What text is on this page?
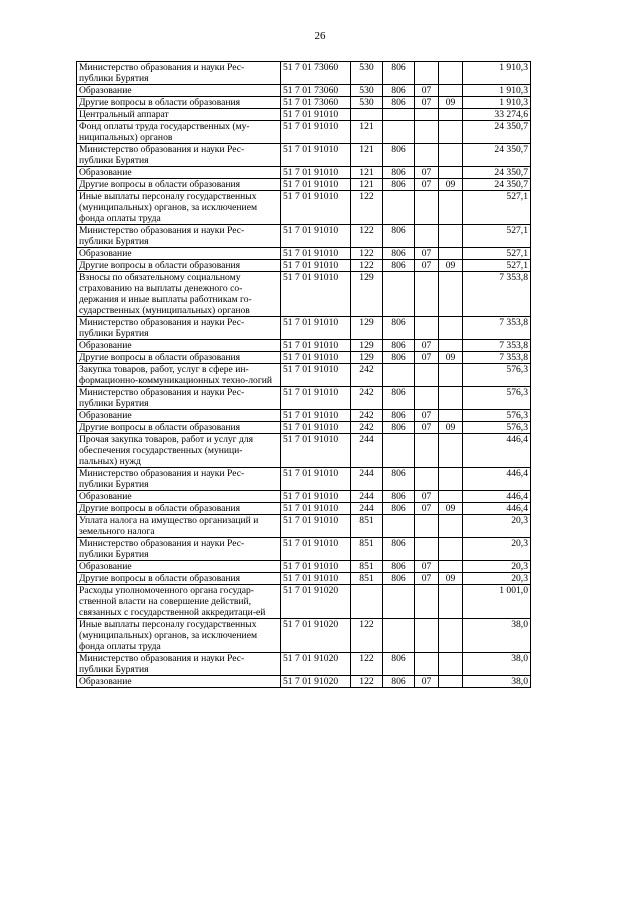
26
Министерство образования и науки Рес-публики Бурятия	51 7 01 73060	530	806			1 910,3
Образование	51 7 01 73060	530	806	07		1 910,3
Другие вопросы в области образования	51 7 01 73060	530	806	07	09	1 910,3
Центральный аппарат	51 7 01 91010					33 274,6
Фонд оплаты труда государственных (му-ниципальных) органов	51 7 01 91010	121				24 350,7
Министерство образования и науки Рес-публики Бурятия	51 7 01 91010	121	806			24 350,7
Образование	51 7 01 91010	121	806	07		24 350,7
Другие вопросы в области образования	51 7 01 91010	121	806	07	09	24 350,7
Иные выплаты персоналу государственных (муниципальных) органов, за исключением фонда оплаты труда	51 7 01 91010	122				527,1
Министерство образования и науки Рес-публики Бурятия	51 7 01 91010	122	806			527,1
Образование	51 7 01 91010	122	806	07		527,1
Другие вопросы в области образования	51 7 01 91010	122	806	07	09	527,1
Взносы по обязательному социальному страхованию на выплаты денежного со-держания и иные выплаты работникам го-сударственных (муниципальных) органов	51 7 01 91010	129				7 353,8
Министерство образования и науки Рес-публики Бурятия	51 7 01 91010	129	806			7 353,8
Образование	51 7 01 91010	129	806	07		7 353,8
Другие вопросы в области образования	51 7 01 91010	129	806	07	09	7 353,8
Закупка товаров, работ, услуг в сфере ин-формационно-коммуникационных техно-логий	51 7 01 91010	242				576,3
Министерство образования и науки Рес-публики Бурятия	51 7 01 91010	242	806			576,3
Образование	51 7 01 91010	242	806	07		576,3
Другие вопросы в области образования	51 7 01 91010	242	806	07	09	576,3
Прочая закупка товаров, работ и услуг для обеспечения государственных (муници-пальных) нужд	51 7 01 91010	244				446,4
Министерство образования и науки Рес-публики Бурятия	51 7 01 91010	244	806			446,4
Образование	51 7 01 91010	244	806	07		446,4
Другие вопросы в области образования	51 7 01 91010	244	806	07	09	446,4
Уплата налога на имущество организаций и земельного налога	51 7 01 91010	851				20,3
Министерство образования и науки Рес-публики Бурятия	51 7 01 91010	851	806			20,3
Образование	51 7 01 91010	851	806	07		20,3
Другие вопросы в области образования	51 7 01 91010	851	806	07	09	20,3
Расходы уполномоченного органа государ-ственной власти на совершение действий, связанных с государственной аккредитаци-ей	51 7 01 91020					1 001,0
Иные выплаты персоналу государственных (муниципальных) органов, за исключением фонда оплаты труда	51 7 01 91020	122				38,0
Министерство образования и науки Рес-публики Бурятия	51 7 01 91020	122	806			38,0
Образование	51 7 01 91020	122	806	07		38,0
